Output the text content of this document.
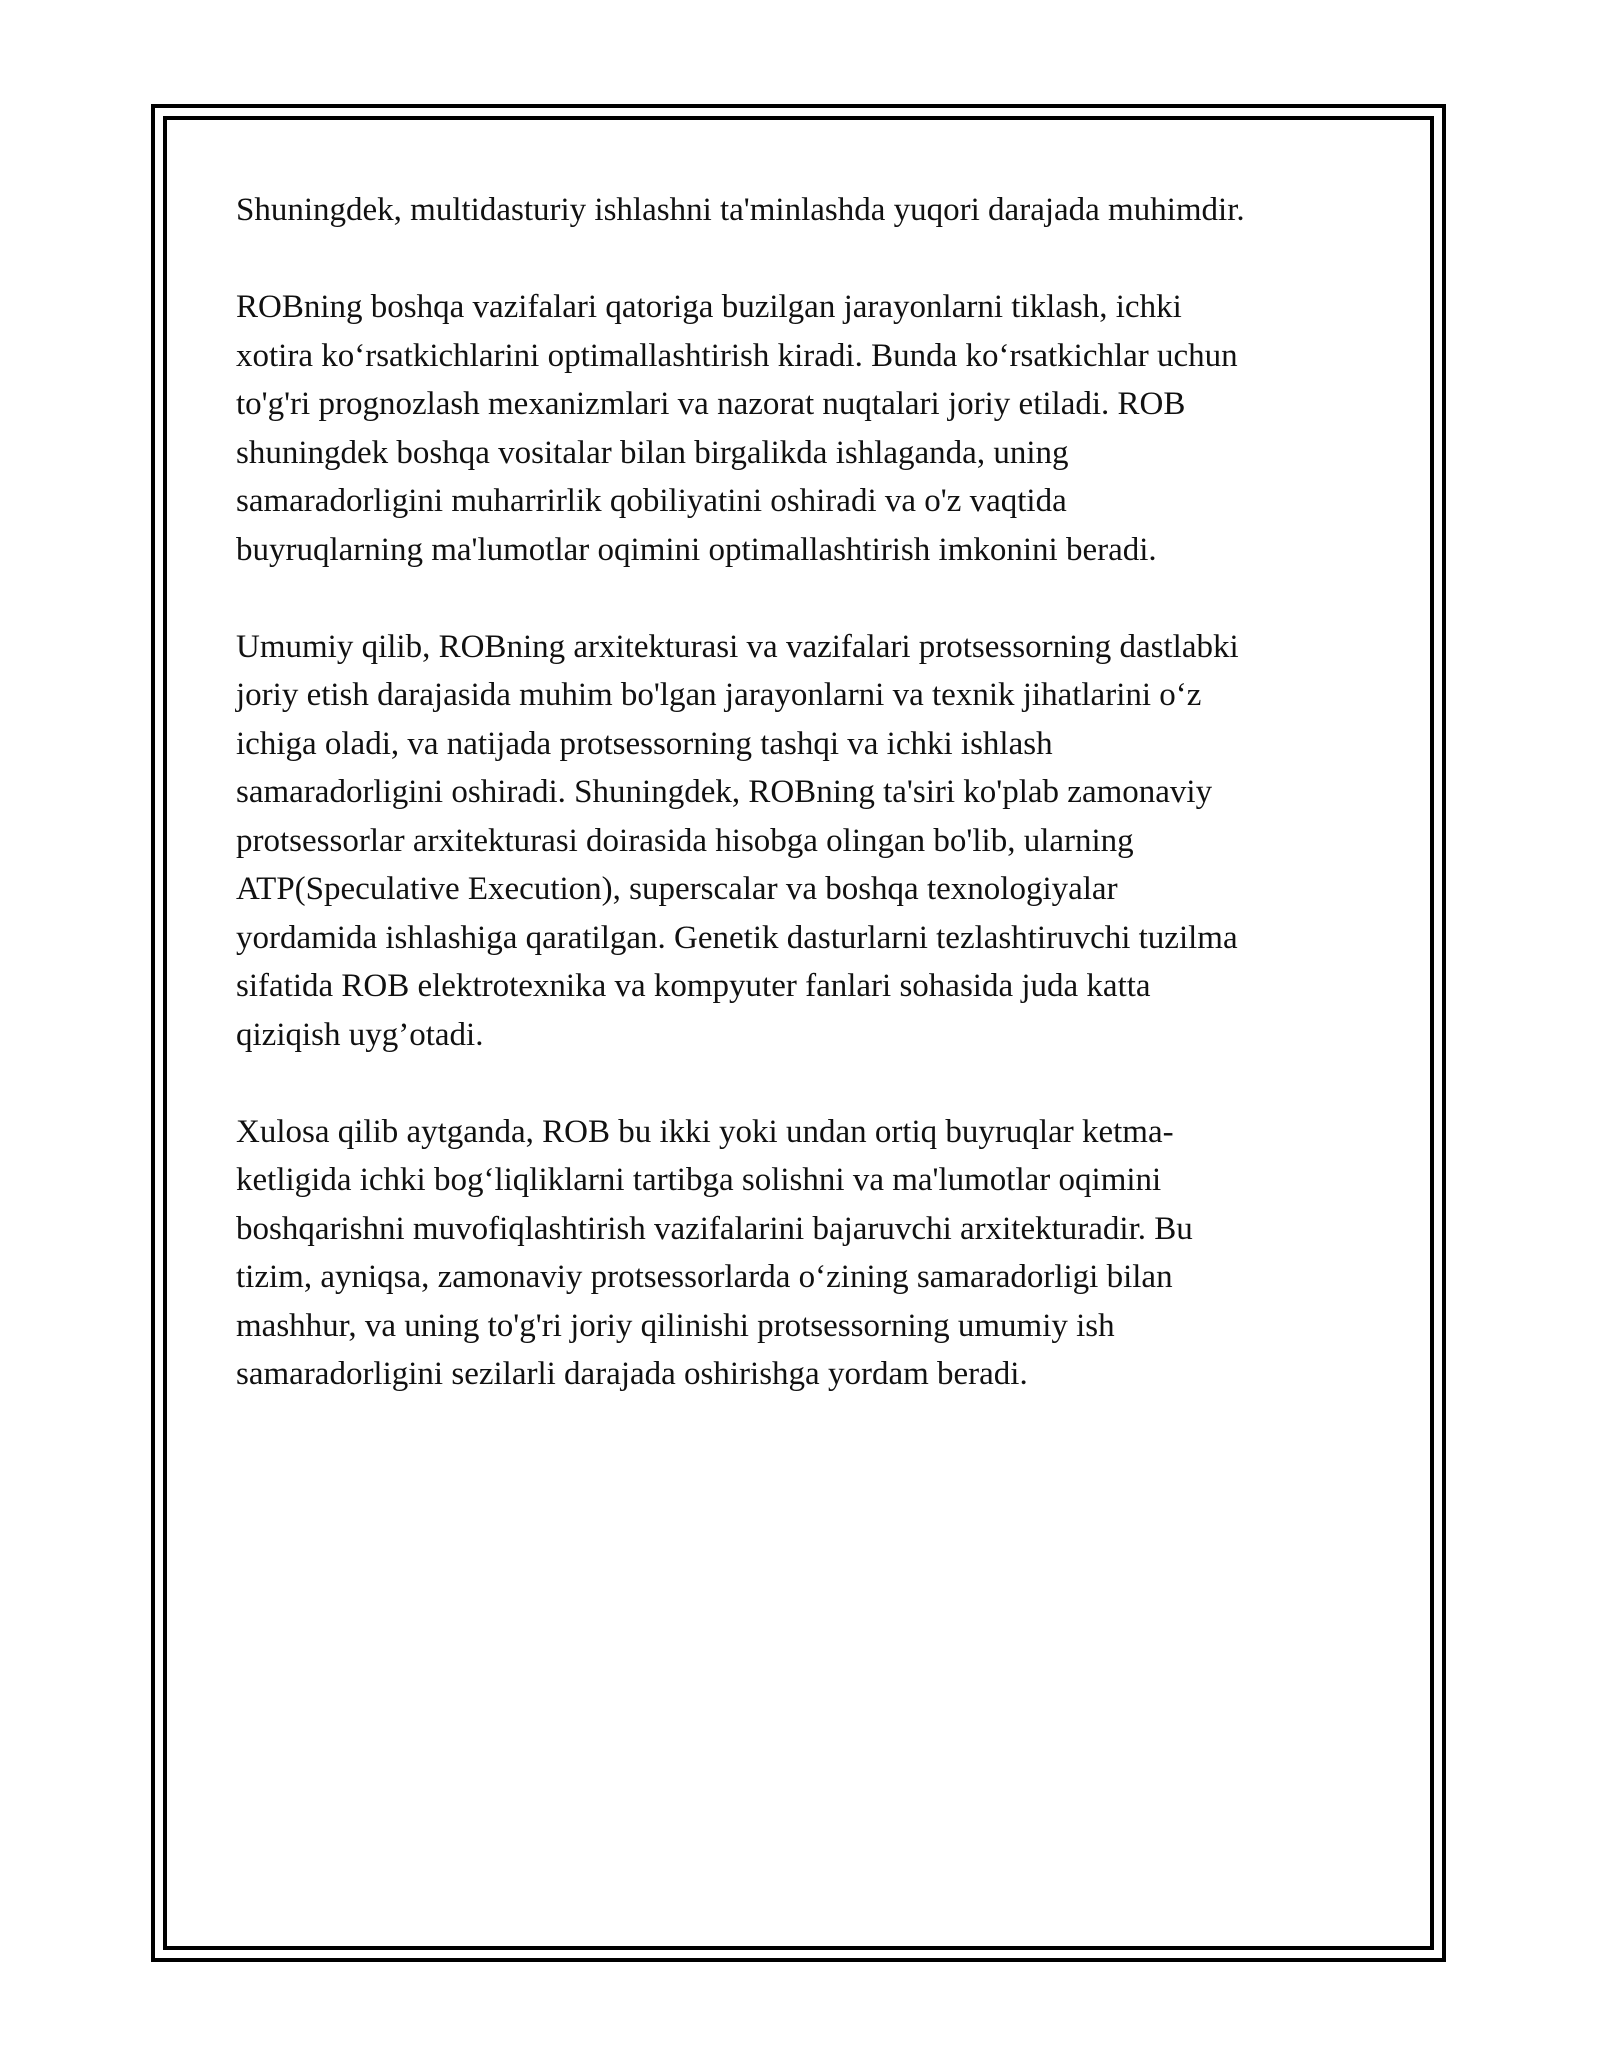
Shuningdek, multidasturiy ishlashni ta'minlashda yuqori darajada muhimdir.

ROBning boshqa vazifalari qatoriga buzilgan jarayonlarni tiklash, ichki
xotira ko‘rsatkichlarini optimallashtirish kiradi. Bunda ko‘rsatkichlar uchun
to'g'ri prognozlash mexanizmlari va nazorat nuqtalari joriy etiladi. ROB
shuningdek boshqa vositalar bilan birgalikda ishlaganda, uning
samaradorligini muharrirlik qobiliyatini oshiradi va o'z vaqtida
buyruqlarning ma'lumotlar oqimini optimallashtirish imkonini beradi.

Umumiy qilib, ROBning arxitekturasi va vazifalari protsessorning dastlabki
joriy etish darajasida muhim bo'lgan jarayonlarni va texnik jihatlarini o‘z
ichiga oladi, va natijada protsessorning tashqi va ichki ishlash
samaradorligini oshiradi. Shuningdek, ROBning ta'siri ko'plab zamonaviy
protsessorlar arxitekturasi doirasida hisobga olingan bo'lib, ularning
ATP(Speculative Execution), superscalar va boshqa texnologiyalar
yordamida ishlashiga qaratilgan. Genetik dasturlarni tezlashtiruvchi tuzilma
sifatida ROB elektrotexnika va kompyuter fanlari sohasida juda katta
qiziqish uyg’otadi.

Xulosa qilib aytganda, ROB bu ikki yoki undan ortiq buyruqlar ketma-
ketligida ichki bog‘liqliklarni tartibga solishni va ma'lumotlar oqimini
boshqarishni muvofiqlashtirish vazifalarini bajaruvchi arxitekturadir. Bu
tizim, ayniqsa, zamonaviy protsessorlarda o‘zining samaradorligi bilan
mashhur, va uning to'g'ri joriy qilinishi protsessorning umumiy ish
samaradorligini sezilarli darajada oshirishga yordam beradi.
